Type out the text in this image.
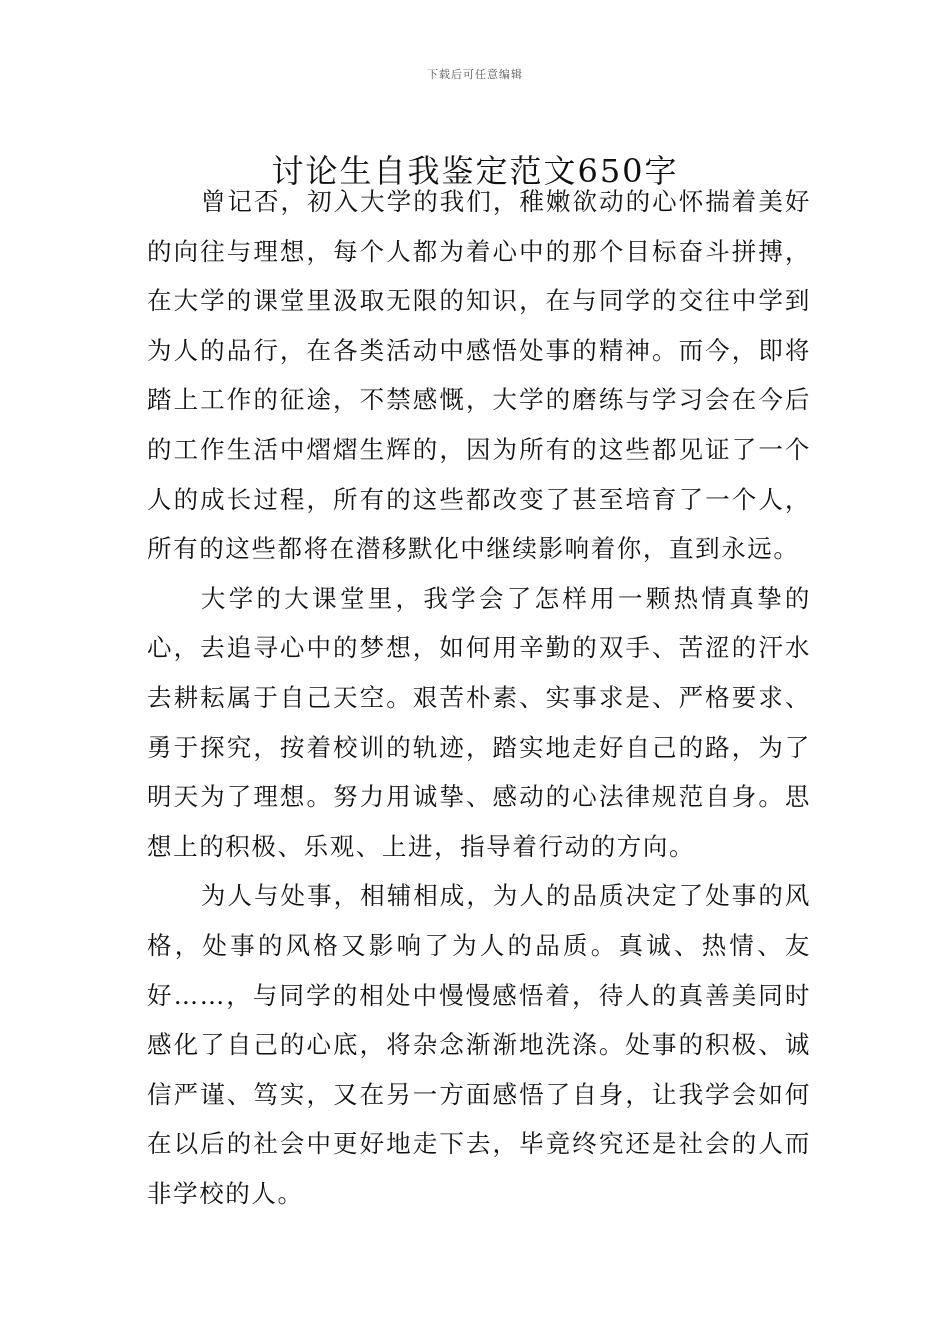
下载后可任意编辑
讨论生自我鉴定范文650字

曾记否，初入大学的我们，稚嫩欲动的心怀揣着美好的向往与理想，每个人都为着心中的那个目标奋斗拼搏，在大学的课堂里汲取无限的知识，在与同学的交往中学到为人的品行，在各类活动中感悟处事的精神。而今，即将踏上工作的征途，不禁感慨，大学的磨练与学习会在今后的工作生活中熠熠生辉的，因为所有的这些都见证了一个人的成长过程，所有的这些都改变了甚至培育了一个人，所有的这些都将在潜移默化中继续影响着你，直到永远。

大学的大课堂里，我学会了怎样用一颗热情真挚的心，去追寻心中的梦想，如何用辛勤的双手、苦涩的汗水去耕耘属于自己天空。艰苦朴素、实事求是、严格要求、勇于探究，按着校训的轨迹，踏实地走好自己的路，为了明天为了理想。努力用诚挚、感动的心法律规范自身。思想上的积极、乐观、上进，指导着行动的方向。

为人与处事，相辅相成，为人的品质决定了处事的风格，处事的风格又影响了为人的品质。真诚、热情、友好……，与同学的相处中慢慢感悟着，待人的真善美同时感化了自己的心底，将杂念渐渐地洗涤。处事的积极、诚信严谨、笃实，又在另一方面感悟了自身，让我学会如何在以后的社会中更好地走下去，毕竟终究还是社会的人而非学校的人。
